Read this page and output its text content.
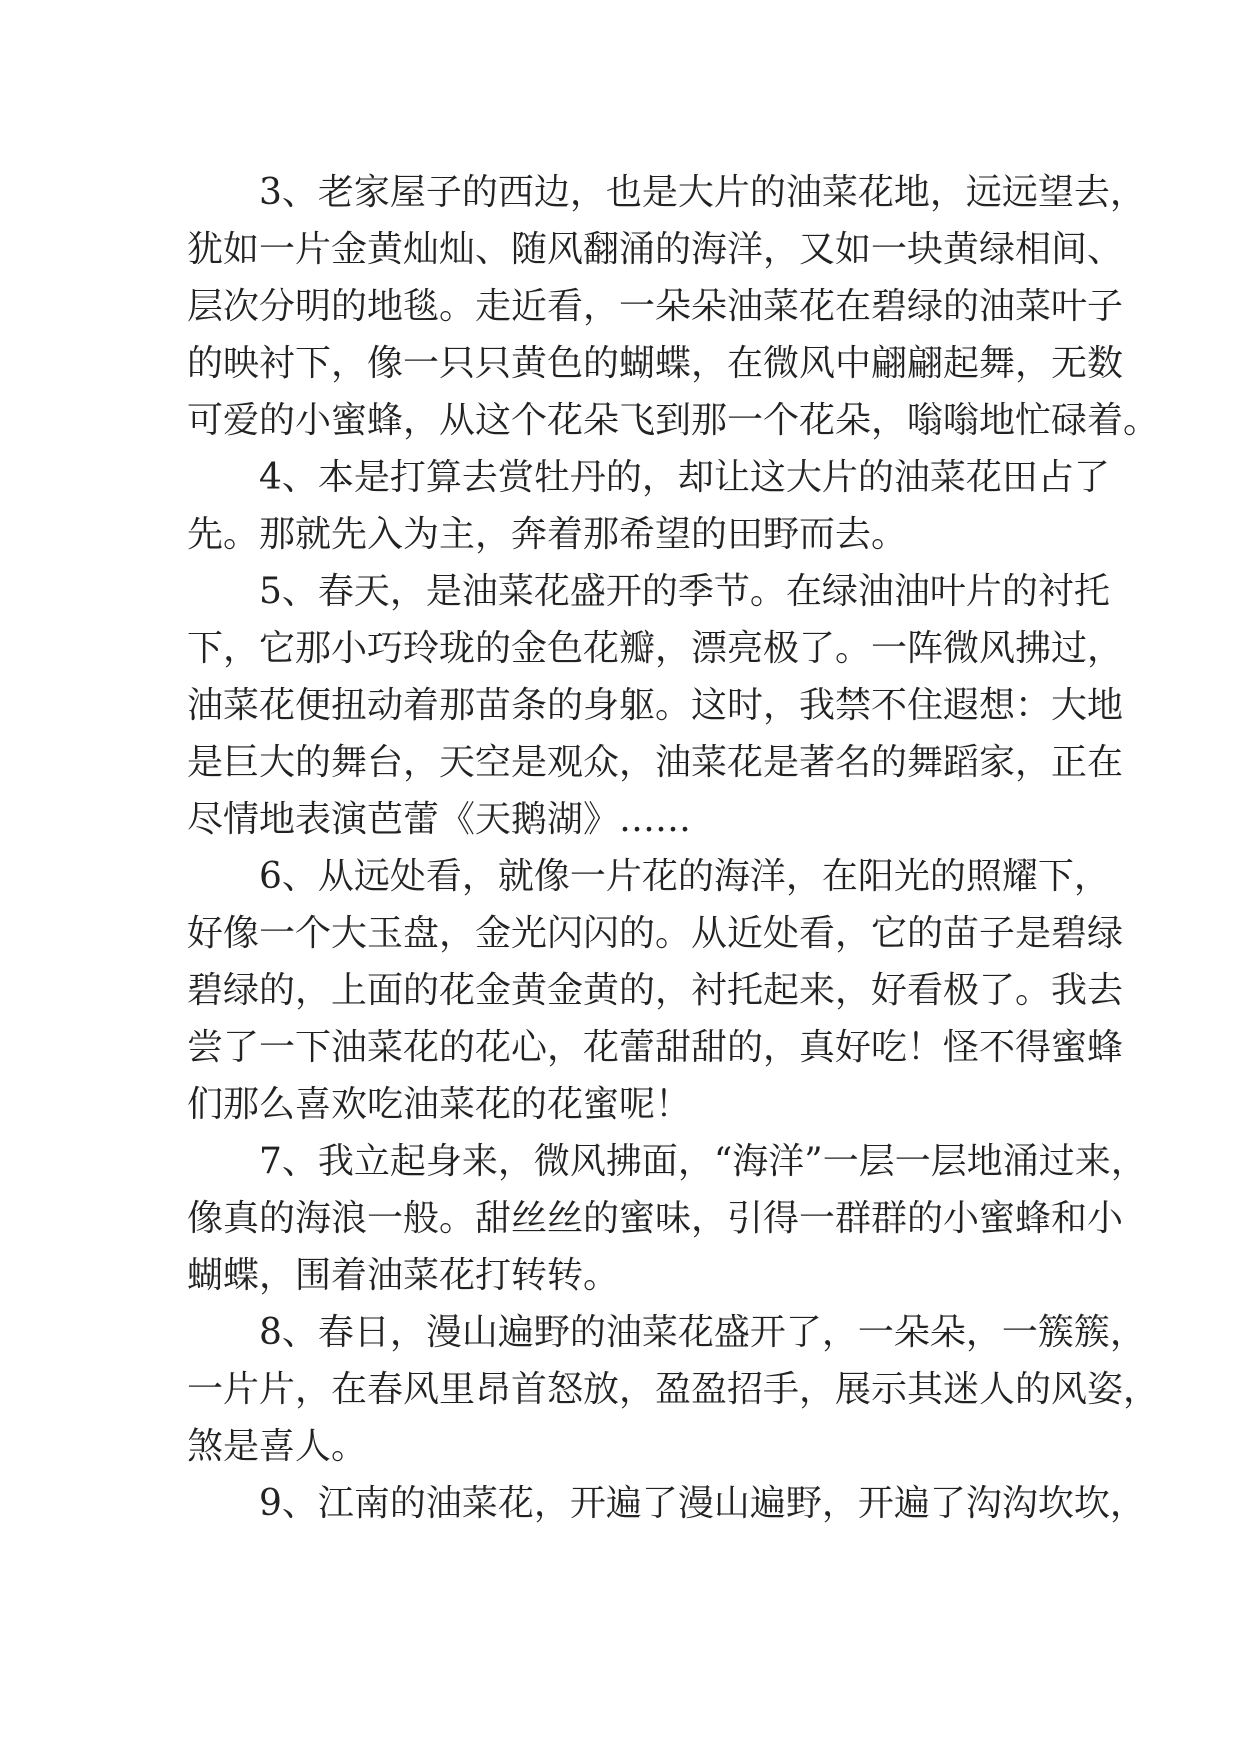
3、老家屋子的西边，也是大片的油菜花地，远远望去，
犹如一片金黄灿灿、随风翻涌的海洋，又如一块黄绿相间、
层次分明的地毯。走近看，一朵朵油菜花在碧绿的油菜叶子
的映衬下，像一只只黄色的蝴蝶，在微风中翩翩起舞，无数
可爱的小蜜蜂，从这个花朵飞到那一个花朵，嗡嗡地忙碌着。
4、本是打算去赏牡丹的，却让这大片的油菜花田占了
先。那就先入为主，奔着那希望的田野而去。
5、春天，是油菜花盛开的季节。在绿油油叶片的衬托
下，它那小巧玲珑的金色花瓣，漂亮极了。一阵微风拂过，
油菜花便扭动着那苗条的身躯。这时，我禁不住遐想：大地
是巨大的舞台，天空是观众，油菜花是著名的舞蹈家，正在
尽情地表演芭蕾《天鹅湖》……
6、从远处看，就像一片花的海洋，在阳光的照耀下，
好像一个大玉盘，金光闪闪的。从近处看，它的苗子是碧绿
碧绿的，上面的花金黄金黄的，衬托起来，好看极了。我去
尝了一下油菜花的花心，花蕾甜甜的，真好吃！怪不得蜜蜂
们那么喜欢吃油菜花的花蜜呢！
7、我立起身来，微风拂面，“海洋”一层一层地涌过来，
像真的海浪一般。甜丝丝的蜜味，引得一群群的小蜜蜂和小
蝴蝶，围着油菜花打转转。
8、春日，漫山遍野的油菜花盛开了，一朵朵，一簇簇，
一片片，在春风里昂首怒放，盈盈招手，展示其迷人的风姿，
煞是喜人。
9、江南的油菜花，开遍了漫山遍野，开遍了沟沟坎坎，
